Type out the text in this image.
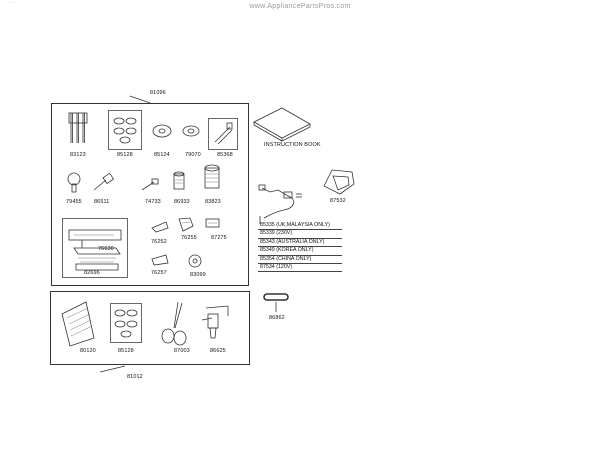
www.AppliancePartsPros.com
·····
81096
83123	85128	85124	79070	85368
79455 86511	74733 86933	83823
76630
82696
76252
76255	87275
76257	83099
INSTRUCTION BOOK
87532
85335 (UK,MALAYSIA ONLY)
85339 (230V)
85343 (AUSTRALIA ONLY)
85349 (KOREA ONLY)
85354 (CHINA ONLY)
87534 (120V)
86862
80120	85128	87003	86625
81012
